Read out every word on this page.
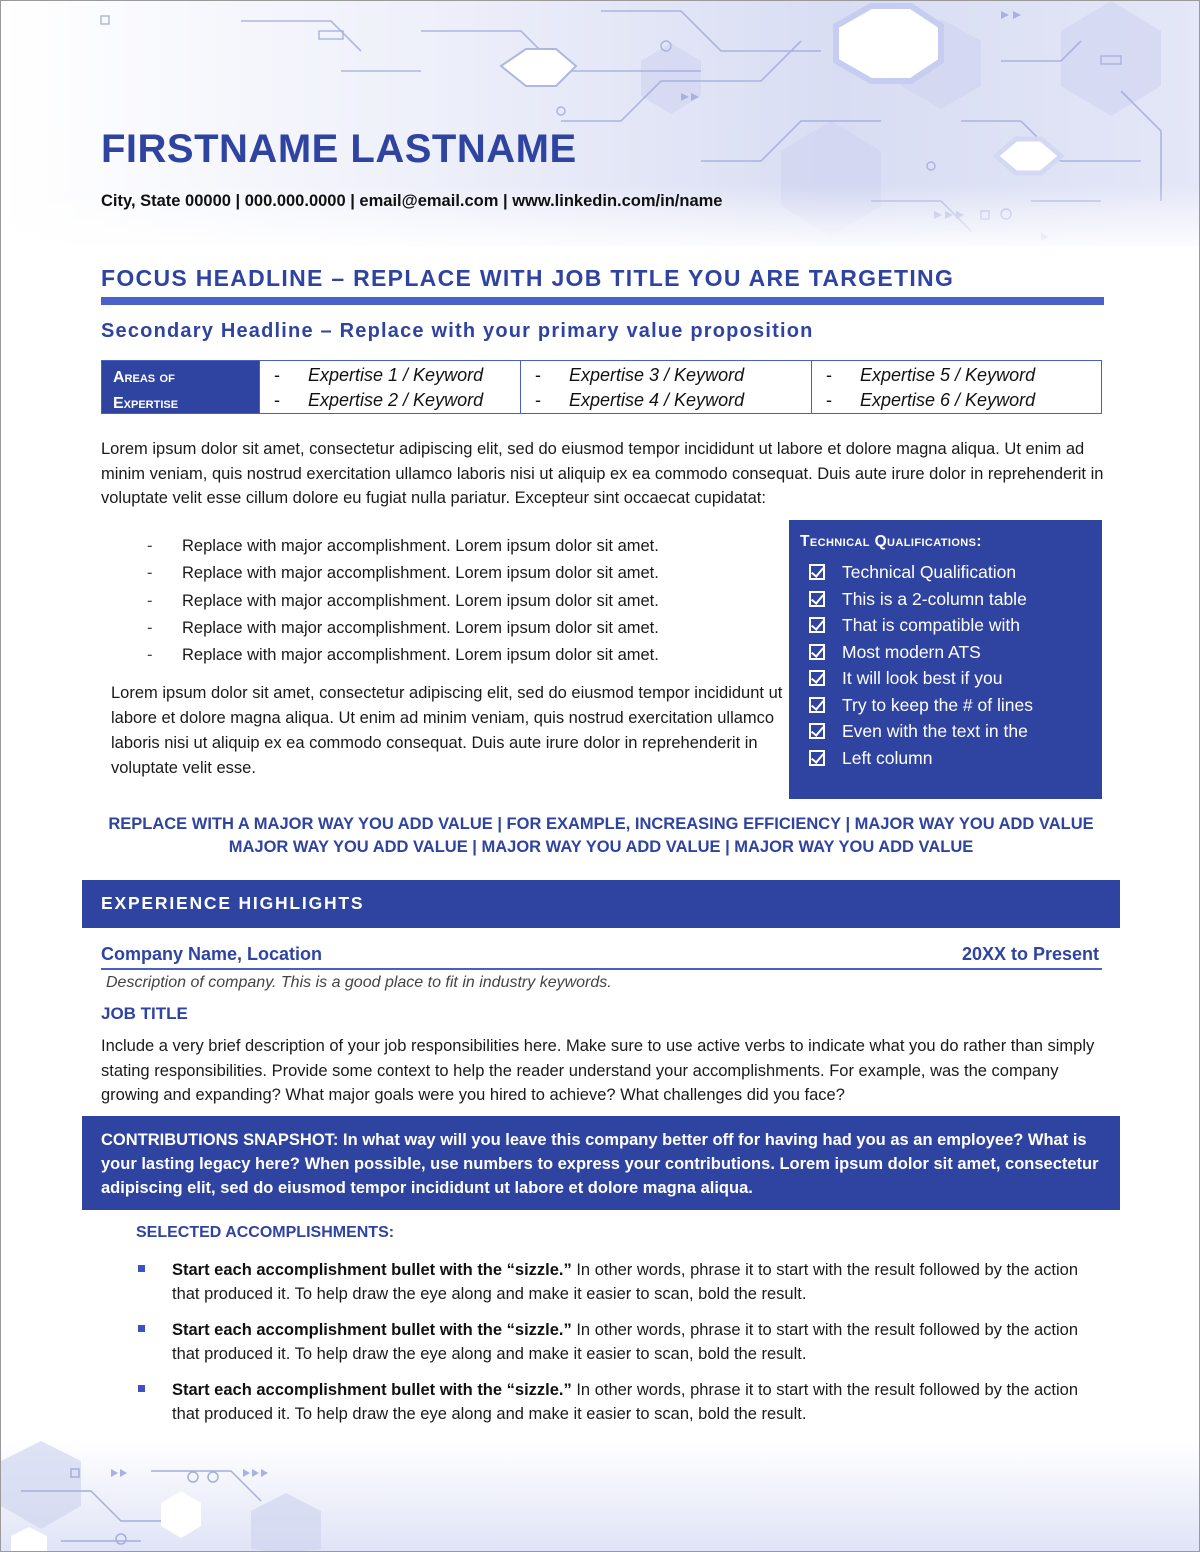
FIRSTNAME LASTNAME
City, State 00000 | 000.000.0000 | email@email.com | www.linkedin.com/in/name
FOCUS HEADLINE – REPLACE WITH JOB TITLE YOU ARE TARGETING
Secondary Headline – Replace with your primary value proposition
Areas of
Expertise
- Expertise 1 / Keyword
- Expertise 2 / Keyword
- Expertise 3 / Keyword
- Expertise 4 / Keyword
- Expertise 5 / Keyword
- Expertise 6 / Keyword

Lorem ipsum dolor sit amet, consectetur adipiscing elit, sed do eiusmod tempor incididunt ut labore et dolore magna aliqua. Ut enim ad minim veniam, quis nostrud exercitation ullamco laboris nisi ut aliquip ex ea commodo consequat. Duis aute irure dolor in reprehenderit in voluptate velit esse cillum dolore eu fugiat nulla pariatur. Excepteur sint occaecat cupidatat:

- Replace with major accomplishment. Lorem ipsum dolor sit amet.
- Replace with major accomplishment. Lorem ipsum dolor sit amet.
- Replace with major accomplishment. Lorem ipsum dolor sit amet.
- Replace with major accomplishment. Lorem ipsum dolor sit amet.
- Replace with major accomplishment. Lorem ipsum dolor sit amet.

Lorem ipsum dolor sit amet, consectetur adipiscing elit, sed do eiusmod tempor incididunt ut labore et dolore magna aliqua. Ut enim ad minim veniam, quis nostrud exercitation ullamco laboris nisi ut aliquip ex ea commodo consequat. Duis aute irure dolor in reprehenderit in voluptate velit esse.

Technical Qualifications:
Technical Qualification
This is a 2-column table
That is compatible with
Most modern ATS
It will look best if you
Try to keep the # of lines
Even with the text in the
Left column
REPLACE WITH A MAJOR WAY YOU ADD VALUE | FOR EXAMPLE, INCREASING EFFICIENCY | MAJOR WAY YOU ADD VALUE
MAJOR WAY YOU ADD VALUE | MAJOR WAY YOU ADD VALUE | MAJOR WAY YOU ADD VALUE
EXPERIENCE HIGHLIGHTS
Company Name, Location	20XX to Present
Description of company. This is a good place to fit in industry keywords.
JOB TITLE

Include a very brief description of your job responsibilities here. Make sure to use active verbs to indicate what you do rather than simply stating responsibilities. Provide some context to help the reader understand your accomplishments. For example, was the company growing and expanding? What major goals were you hired to achieve? What challenges did you face?

CONTRIBUTIONS SNAPSHOT: In what way will you leave this company better off for having had you as an employee? What is your lasting legacy here? When possible, use numbers to express your contributions. Lorem ipsum dolor sit amet, consectetur adipiscing elit, sed do eiusmod tempor incididunt ut labore et dolore magna aliqua.
SELECTED ACCOMPLISHMENTS:
Start each accomplishment bullet with the “sizzle.” In other words, phrase it to start with the result followed by the action that produced it. To help draw the eye along and make it easier to scan, bold the result.
Start each accomplishment bullet with the “sizzle.” In other words, phrase it to start with the result followed by the action that produced it. To help draw the eye along and make it easier to scan, bold the result.
Start each accomplishment bullet with the “sizzle.” In other words, phrase it to start with the result followed by the action that produced it. To help draw the eye along and make it easier to scan, bold the result.
